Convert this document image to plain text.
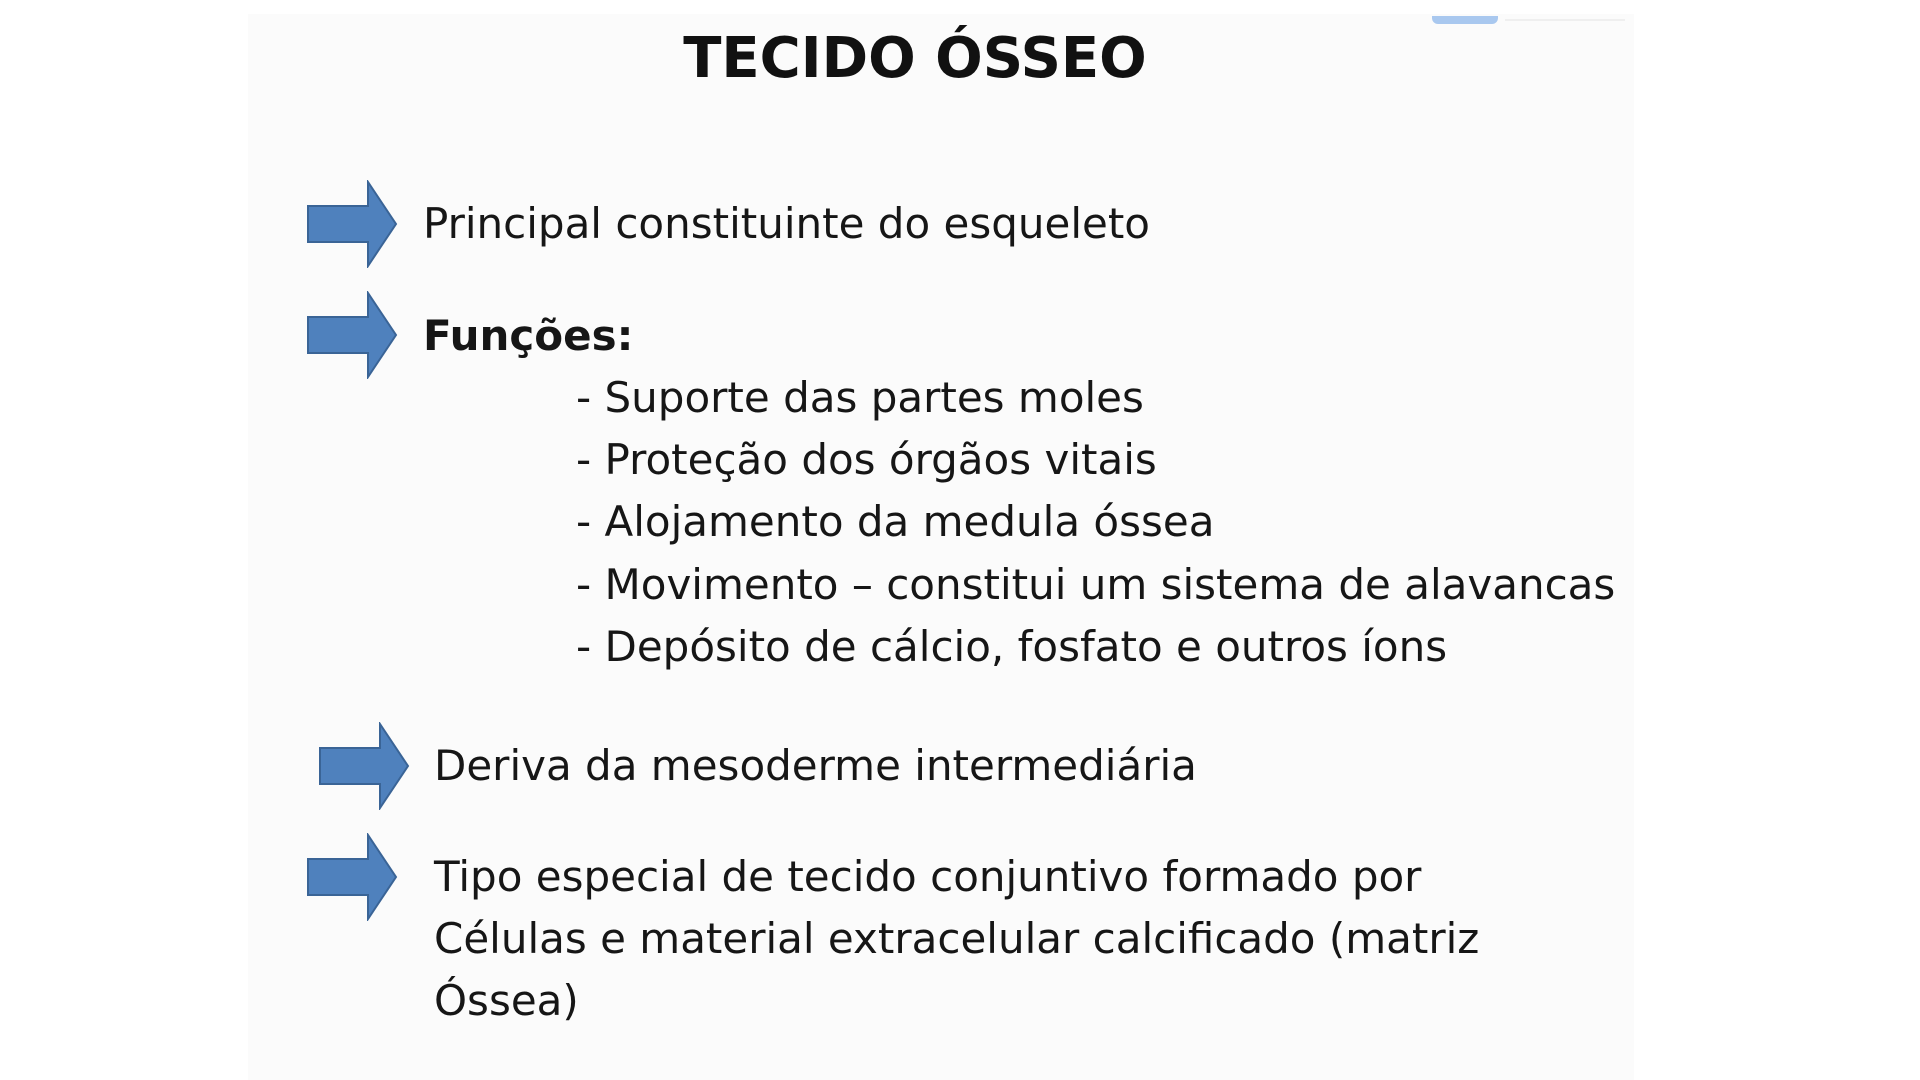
TECIDO ÓSSEO
Principal constituinte do esqueleto
Funções:
- Suporte das partes moles
- Proteção dos órgãos vitais
- Alojamento da medula óssea
- Movimento – constitui um sistema de alavancas
- Depósito de cálcio, fosfato e outros íons
Deriva da mesoderme intermediária
Tipo especial de tecido conjuntivo formado por
Células e material extracelular calcificado (matriz
Óssea)
